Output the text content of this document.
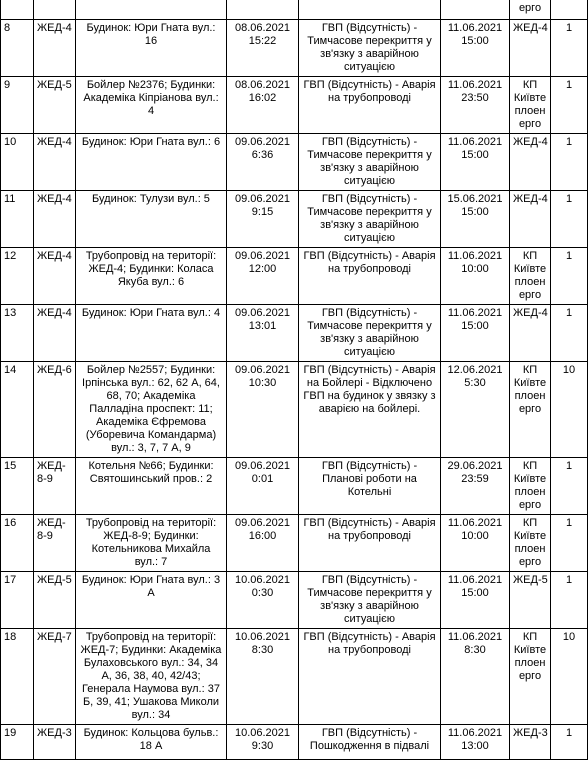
						ерго	
8	ЖЕД-4	Будинок: Юри Гната вул.: 16	08.06.2021 15:22	ГВП (Відсутність) - Тимчасове перекриття у зв'язку з аварійною ситуацією	11.06.2021 15:00	ЖЕД-4	1
9	ЖЕД-5	Бойлер №2376; Будинки: Академіка Кіпріанова вул.: 4	08.06.2021 16:02	ГВП (Відсутність) - Аварія на трубопроводі	11.06.2021 23:50	КП Київте плоен ерго	1
10	ЖЕД-4	Будинок: Юри Гната вул.: 6	09.06.2021 6:36	ГВП (Відсутність) - Тимчасове перекриття у зв'язку з аварійною ситуацією	11.06.2021 15:00	ЖЕД-4	1
11	ЖЕД-4	Будинок: Тулузи вул.: 5	09.06.2021 9:15	ГВП (Відсутність) - Тимчасове перекриття у зв'язку з аварійною ситуацією	15.06.2021 15:00	ЖЕД-4	1
12	ЖЕД-4	Трубопровід на території: ЖЕД-4; Будинки: Коласа Якуба вул.: 6	09.06.2021 12:00	ГВП (Відсутність) - Аварія на трубопроводі	11.06.2021 10:00	КП Київте плоен ерго	1
13	ЖЕД-4	Будинок: Юри Гната вул.: 4	09.06.2021 13:01	ГВП (Відсутність) - Тимчасове перекриття у зв'язку з аварійною ситуацією	11.06.2021 15:00	ЖЕД-4	1
14	ЖЕД-6	Бойлер №2557; Будинки: Ірпінська вул.: 62, 62 А, 64, 68, 70; Академіка Палладіна проспект: 11; Академіка Єфремова (Уборевича Командарма) вул.: 3, 7, 7 А, 9	09.06.2021 10:30	ГВП (Відсутність) - Аварія на Бойлері - Відключено ГВП на будинок у звязку з аварією на бойлері.	12.06.2021 5:30	КП Київте плоен ерго	10
15	ЖЕД- 8-9	Котельня №66; Будинки: Святошинський пров.: 2	09.06.2021 0:01	ГВП (Відсутність) - Планові роботи на Котельні	29.06.2021 23:59	КП Київте плоен ерго	1
16	ЖЕД- 8-9	Трубопровід на території: ЖЕД-8-9; Будинки: Котельникова Михайла вул.: 7	09.06.2021 16:00	ГВП (Відсутність) - Аварія на трубопроводі	11.06.2021 10:00	КП Київте плоен ерго	1
17	ЖЕД-5	Будинок: Юри Гната вул.: 3 А	10.06.2021 0:30	ГВП (Відсутність) - Тимчасове перекриття у зв'язку з аварійною ситуацією	11.06.2021 15:00	ЖЕД-5	1
18	ЖЕД-7	Трубопровід на території: ЖЕД-7; Будинки: Академіка Булаховського вул.: 34, 34 А, 36, 38, 40, 42/43; Генерала Наумова вул.: 37 Б, 39, 41; Ушакова Миколи вул.: 34	10.06.2021 8:30	ГВП (Відсутність) - Аварія на трубопроводі	11.06.2021 8:30	КП Київте плоен ерго	10
19	ЖЕД-3	Будинок: Кольцова бульв.: 18 А	10.06.2021 9:30	ГВП (Відсутність) - Пошкодження в підвалі	11.06.2021 13:00	ЖЕД-3	1
